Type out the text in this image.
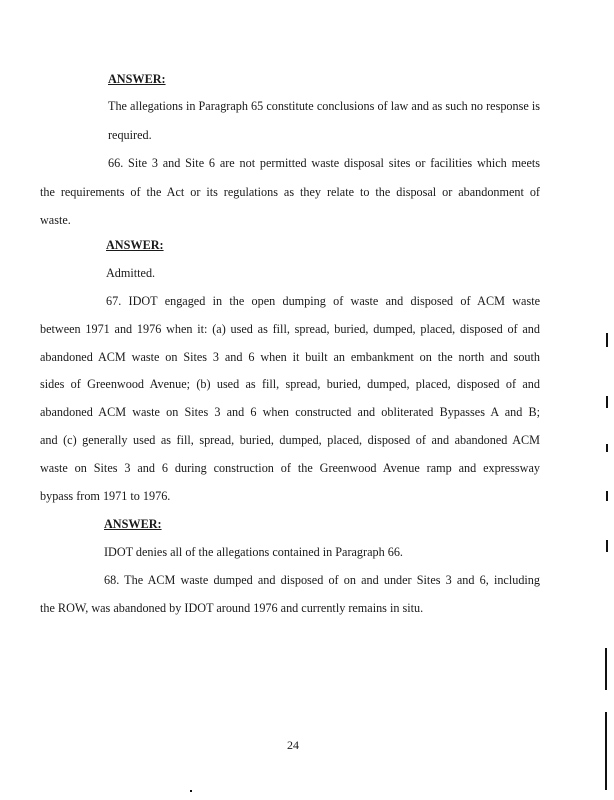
ANSWER:
The allegations in Paragraph 65 constitute conclusions of law and as such no response is
required.
66. Site 3 and Site 6 are not permitted waste disposal sites or facilities which meets
the requirements of the Act or its regulations as they relate to the disposal or abandonment of
waste.
ANSWER:
Admitted.
67. IDOT engaged in the open dumping of waste and disposed of ACM waste
between 1971 and 1976 when it: (a) used as fill, spread, buried, dumped, placed, disposed of and
abandoned ACM waste on Sites 3 and 6 when it built an embankment on the north and south
sides of Greenwood Avenue; (b) used as fill, spread, buried, dumped, placed, disposed of and
abandoned ACM waste on Sites 3 and 6 when constructed and obliterated Bypasses A and B;
and (c) generally used as fill, spread, buried, dumped, placed, disposed of and abandoned ACM
waste on Sites 3 and 6 during construction of the Greenwood Avenue ramp and expressway
bypass from 1971 to 1976.
ANSWER:
IDOT denies all of the allegations contained in Paragraph 66.
68. The ACM waste dumped and disposed of on and under Sites 3 and 6, including
the ROW, was abandoned by IDOT around 1976 and currently remains in situ.
24
